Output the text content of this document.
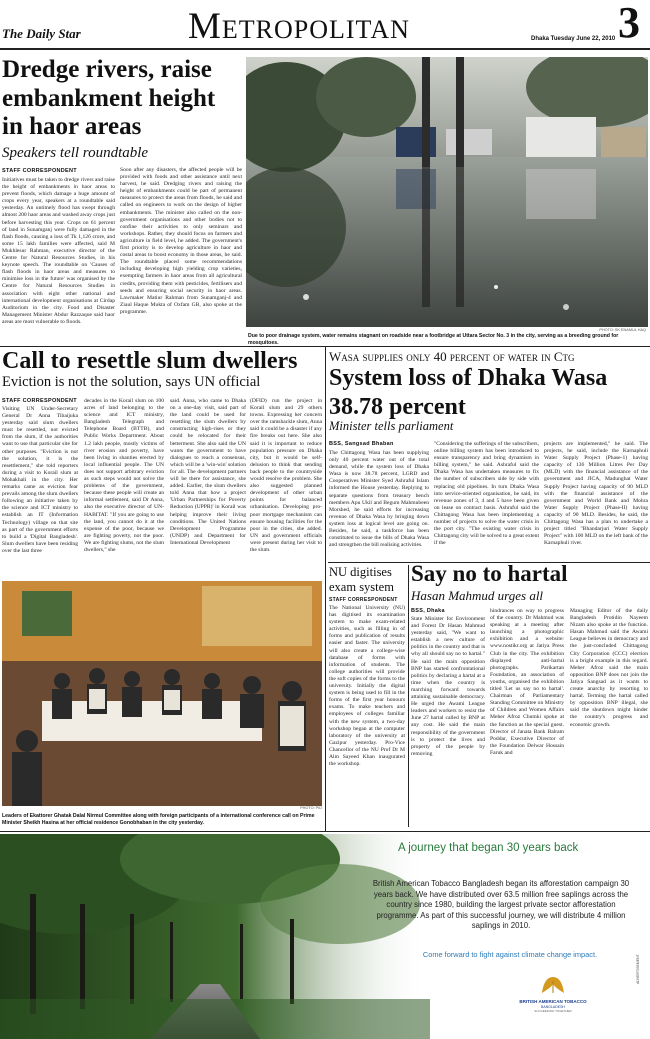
The Daily Star	Metropolitan	3
Dhaka Tuesday June 22, 2010
Dredge rivers, raise embankment height in haor areas
Speakers tell roundtable
STAFF CORRESPONDENT
Initiatives must be taken to dredge rivers and raise the height of embankments in haor areas to prevent floods, which damage a huge amount of crops every year, speakers at a roundtable said yesterday. An untimely flood has swept through almost 200 haor areas and washed away crops just before harvesting this year. Crops on 61 percent of land in Sunamganj were fully damaged in the flash floods, causing a loss of Tk 1,126 crore, and some 15 lakh families were affected, said M Mukhlesur Rahman, executive director of the Centre for Natural Resources Studies, in his keynote speech. The roundtable on 'Causes of flash floods in haor areas and measures to minimise loss in the future' was organised by the Centre for Natural Resources Studies in association with eight other national and international development organisations at Cirdap Auditorium in the city. Food and Disaster Management Minister Abdur Razzaque said haor areas are most vulnerable to floods.
Soon after any disasters, the affected people will be provided with foods and other assistance until next harvest, he said. Dredging rivers and raising the height of embankments could be part of permanent measures to protect the areas from floods, he said and called on engineers to work on the design of higher embankments. The minister also called on the non-government organisations and other bodies not to confine their activities to only seminars and workshops. Rather, they should focus on farmers and agriculture in field level, he added. The government's first priority is to develop agriculture in haor and costal areas to boost economy in those areas, he said. The roundtable placed some recommendations including developing high yielding crop varieties, exempting farmers in haor areas from all agricultural credits, providing them with pesticides, fertilisers and seeds and ensuring social security in haor areas. Lawmaker Matiur Rahman from Sunamganj-4 and Ziaul Haque Mukta of Oxfam GB, also spoke at the programme.
PHOTO: SK ENAMUL HAQ
Due to poor drainage system, water remains stagnant on roadside near a footbridge at Uttara Sector No. 3 in the city, serving as a breeding ground for mosquitoes.
Call to resettle slum dwellers
Eviction is not the solution, says UN official
STAFF CORRESPONDENT
Visiting UN Under-Secretary General Dr Anna Tibaijuka yesterday said slum dwellers must be resettled, not evicted from the slum, if the authorities want to use that particular site for other purposes. "Eviction is not the solution, it is the resettlement," she told reporters during a visit to Korail slum at Mohakhali in the city. Her remarks came as eviction fear prevails among the slum dwellers following an initiative taken by the science and ICT ministry to establish an IT (Information Technology) village on that site as part of the government efforts to build a 'Digital Bangladesh'. Slum dwellers have been residing over the last three
decades in the Korail slum on 100 acres of land belonging to the science and ICT ministry, Bangladesh Telegraph and Telephone Board (BTTB), and Public Works Department. About 1.2 lakh people, mostly victims of river erosion and poverty, have been living in shanties erected by local influential people. The UN does not support arbitrary eviction as such steps would not solve the problems of the government, because these people will create an informal settlement, said Dr Anna, also the executive director of UN-HABITAT. "If you are going to use the land, you cannot do it at the expense of the poor, because we are fighting poverty, not the poor. We are fighting slums, not the slum dwellers," she
said. Anna, who came to Dhaka on a one-day visit, said part of the land could be used for resettling the slum dwellers by constructing high-rises or they could be relocated for their betterment. She also said the UN wants the government to have dialogues to reach a consensus, which will be a 'win-win' solution for all. The development partners will be there for assistance, she added. Earlier, the slum dwellers told Anna that how a project 'Urban Partnerships for Poverty Reduction (UPPR)' in Korail was helping improve their living conditions. The United Nations Development Programme (UNDP) and Department for International Development
(DFID) run the project in Korail slum and 29 others towns. Expressing her concern over the ramshackle slum, Anna said it could be a disaster if any fire breaks out here. She also said it is important to reduce population pressure on Dhaka city, but it would be self-delusion to think that sending back people to the countryside would resolve the problem. She also suggested planned development of other urban points for balanced urbanisation. Developing pro-poor mortgage mechanism can ensure housing facilities for the poor in the cities, she added. UN and government officials were present during her visit to the slum.
PHOTO: PID
Leaders of Ekattorer Ghatak Dalal Nirmul Committee along with foreign participants of a international conference call on Prime Minister Sheikh Hasina at her official residence Gonobhaban in the city yesterday.
Wasa supplies only 40 percent of water in Ctg
System loss of Dhaka Wasa 38.78 percent
Minister tells parliament
BSS, Sangsad Bhaban
The Chittagong Wasa has been supplying only 40 percent water out of the total demand, while the system loss of Dhaka Wasa is now 38.78 percent, LGRD and Cooperatives Minister Syed Ashraful Islam informed the House yesterday. Replying to separate questions from treasury bench members Apu Ukil and Begum Mahmubeen Morshed, he said efforts for increasing revenue of Dhaka Wasa by bringing down system loss at logical level are going on. Besides, he said, a taskforce has been constituted to issue the bills of Dhaka Wasa and strengthen the bill realising activities.
"Considering the sufferings of the subscribers, online billing system has been introduced to ensure transparency and bring dynamism in billing system," he said. Ashraful said the Dhaka Wasa has undertaken measures to fix the number of subscribers side by side with replacing old pipelines. In turn Dhaka Wasa into service-oriented organisation, he said, its revenue zones of 3, 4 and 5 have been given on lease on contract basis. Ashraful said the Chittagong Wasa has been implementing a number of projects to solve the water crisis in the port city. "The existing water crisis in Chittagong city will be solved to a great extent if the
projects are implemented," he said. The projects, he said, include the Karnaphuli Water Supply Project (Phase-1) having capacity of 136 Million Litres Per Day (MLD) with the financial assistance of the government and JICA, Madunghat Water Supply Project having capacity of 90 MLD with the financial assistance of the government and World Bank and Mohra Water Supply Project (Phase-II) having capacity of 90 MLD. Besides, he said, the Chittagong Wasa has a plan to undertake a project titled "Bhandarjuri Water Supply Project" with 100 MLD on the left bank of the Karnaphuli river.
NU digitises exam system
STAFF CORRESPONDENT
The National University (NU) has digitised its examination system to make exam-related activities, such as filling in of forms and publication of results easier and faster. The university will also create a college-wise database of forms with information of students. The college authorities will provide the soft copies of the forms to the university. Initially the digital system is being used to fill in the forms of the first year honours exams. To make teachers and employees of colleges familiar with the new system, a two-day workshop began at the computer laboratory of the university at Gazipur yesterday. Pro-Vice Chancellor of the NU Prof Dr M Alm Sayeed Khan inaugurated the workshop.
Say no to hartal
Hasan Mahmud urges all
BSS, Dhaka
State Minister for Environment and Forest Dr Hasan Mahmud yesterday said, "We want to establish a new culture of politics in the country and that is why all should say no to hartal." He said the main opposition BNP has started confrontational politics by declaring a hartal at a time when the country is marching forward towards attaining sustainable democracy. He urged the Awami League leaders and workers to resist the June 27 hartal called by BNP at any cost. He said the main responsibility of the government is to protect the lives and property of the people by removing
hindrances on way to progress of the country. Dr Mahmud was speaking at a meeting after launching a photographic exhibition and a website: www.nostikr.org at Jatiya Press Club in the city. The exhibition displayed anti-hartal photographs. Parikartan Foundation, an association of youths, organised the exhibition titled 'Let us say no to hartal'. Chairman of Parliamentary Standing Committee on Ministry of Children and Women Affairs Meher Afroz Chumki spoke at the function as the special guest. Director of Janata Bank Balram Poddar, Executive Director of the Foundation Delwar Hossain Faruk and
Managing Editor of the daily Bangladesh Protidin Nayeem Nizam also spoke at the function. Hasan Mahmud said the Awami League believes in democracy and the just-concluded Chittagong City Corporation (CCC) election is a bright example in this regard. Meher Afroz said the main opposition BNP does not join the Jatiya Sangsad as it wants to create anarchy by resorting to hartal. Terming the hartal called by opposition BNP illegal, she said the shutdown might hinder the country's progress and economic growth.
A journey that began 30 years back
British American Tobacco Bangladesh began its afforestation campaign 30 years back. We have distributed over 63.5 million free saplings across the country since 1980, building the largest private sector afforestation programme. As part of this successful journey, we will distribute 4 million saplings in 2010.
Come forward to fight against climate change impact.
BRITISH AMERICAN TOBACCO
BANGLADESH
SUCCEEDING TOGETHER
ADVERTISEMENT
